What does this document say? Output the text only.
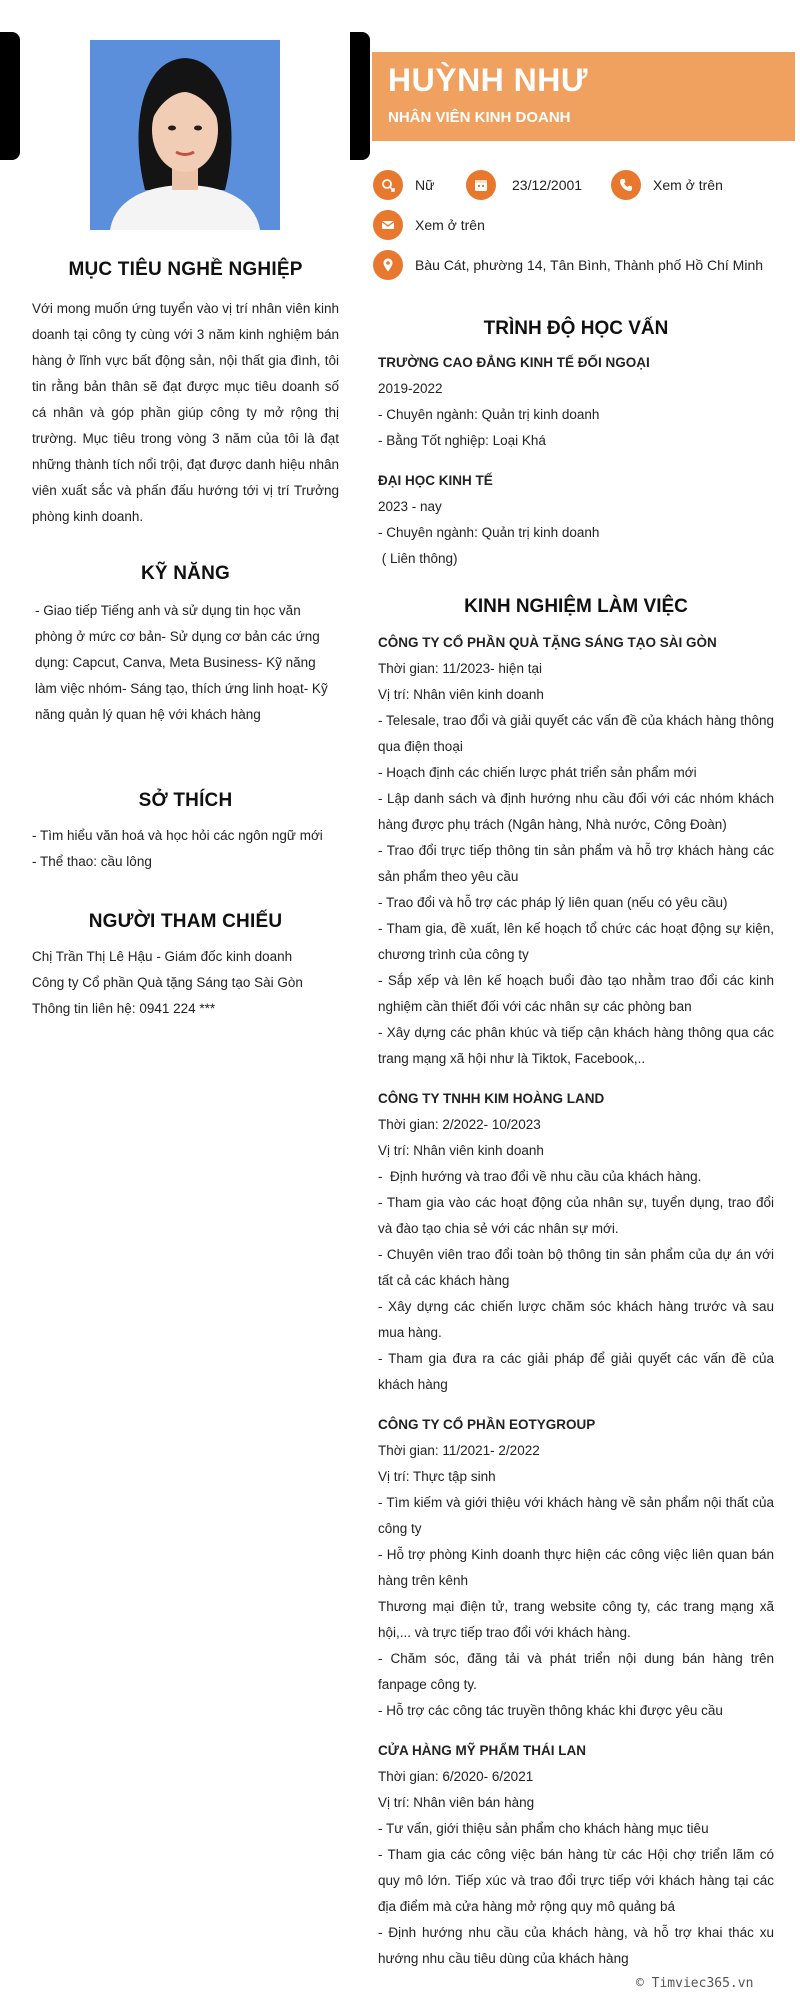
HUỲNH NHƯ
NHÂN VIÊN KINH DOANH
Nữ	23/12/2001	Xem ở trên
Xem ở trên
Bàu Cát, phường 14, Tân Bình, Thành phố Hồ Chí Minh
MỤC TIÊU NGHỀ NGHIỆP

Với mong muốn ứng tuyển vào vị trí nhân viên kinh doanh tại công ty cùng với 3 năm kinh nghiệm bán hàng ở lĩnh vực bất động sản, nội thất gia đình, tôi tin rằng bản thân sẽ đạt được mục tiêu doanh số cá nhân và góp phần giúp công ty mở rộng thị trường. Mục tiêu trong vòng 3 năm của tôi là đạt những thành tích nổi trội, đạt được danh hiệu nhân viên xuất sắc và phấn đấu hướng tới vị trí Trưởng phòng kinh doanh.

KỸ NĂNG

- Giao tiếp Tiếng anh và sử dụng tin học văn phòng ở mức cơ bản- Sử dụng cơ bản các ứng dụng: Capcut, Canva, Meta Business- Kỹ năng làm việc nhóm- Sáng tạo, thích ứng linh hoạt- Kỹ năng quản lý quan hệ với khách hàng

SỞ THÍCH

- Tìm hiểu văn hoá và học hỏi các ngôn ngữ mới

- Thể thao: cầu lông

NGƯỜI THAM CHIẾU

Chị Trần Thị Lê Hậu - Giám đốc kinh doanh

Công ty Cổ phần Quà tặng Sáng tạo Sài Gòn

Thông tin liên hệ: 0941 224 ***

TRÌNH ĐỘ HỌC VẤN

TRƯỜNG CAO ĐẲNG KINH TẾ ĐỐI NGOẠI

2019-2022

- Chuyên ngành: Quản trị kinh doanh

- Bằng Tốt nghiệp: Loại Khá

ĐẠI HỌC KINH TẾ

2023 - nay

- Chuyên ngành: Quản trị kinh doanh

( Liên thông)

KINH NGHIỆM LÀM VIỆC

CÔNG TY CỔ PHẦN QUÀ TẶNG SÁNG TẠO SÀI GÒN

Thời gian: 11/2023- hiện tại

Vị trí: Nhân viên kinh doanh

- Telesale, trao đổi và giải quyết các vấn đề của khách hàng thông qua điện thoại

- Hoạch định các chiến lược phát triển sản phẩm mới

- Lập danh sách và định hướng nhu cầu đối với các nhóm khách hàng được phụ trách (Ngân hàng, Nhà nước, Công Đoàn)

- Trao đổi trực tiếp thông tin sản phẩm và hỗ trợ khách hàng các sản phẩm theo yêu cầu

- Trao đổi và hỗ trợ các pháp lý liên quan (nếu có yêu cầu)

- Tham gia, đề xuất, lên kế hoạch tổ chức các hoạt động sự kiện, chương trình của công ty

- Sắp xếp và lên kế hoạch buổi đào tạo nhằm trao đổi các kinh nghiệm cần thiết đối với các nhân sự các phòng ban

- Xây dựng các phân khúc và tiếp cận khách hàng thông qua các trang mạng xã hội như là Tiktok, Facebook,..

CÔNG TY TNHH KIM HOÀNG LAND

Thời gian: 2/2022- 10/2023

Vị trí: Nhân viên kinh doanh

-  Định hướng và trao đổi về nhu cầu của khách hàng.

- Tham gia vào các hoạt động của nhân sự, tuyển dụng, trao đổi và đào tạo chia sẻ với các nhân sự mới.

- Chuyên viên trao đổi toàn bộ thông tin sản phẩm của dự án với tất cả các khách hàng

- Xây dựng các chiến lược chăm sóc khách hàng trước và sau mua hàng.

- Tham gia đưa ra các giải pháp để giải quyết các vấn đề của khách hàng

CÔNG TY CỔ PHẦN EOTYGROUP

Thời gian: 11/2021- 2/2022

Vị trí: Thực tập sinh

- Tìm kiếm và giới thiệu với khách hàng về sản phẩm nội thất của công ty

- Hỗ trợ phòng Kinh doanh thực hiện các công việc liên quan bán hàng trên kênh

Thương mại điện tử, trang website công ty, các trang mạng xã hội,... và trực tiếp trao đổi với khách hàng.

- Chăm sóc, đăng tải và phát triển nội dung bán hàng trên fanpage công ty.

- Hỗ trợ các công tác truyền thông khác khi được yêu cầu

CỬA HÀNG MỸ PHẨM THÁI LAN

Thời gian: 6/2020- 6/2021

Vị trí: Nhân viên bán hàng

- Tư vấn, giới thiệu sản phẩm cho khách hàng mục tiêu

- Tham gia các công việc bán hàng từ các Hội chợ triển lãm có quy mô lớn. Tiếp xúc và trao đổi trực tiếp với khách hàng tại các địa điểm mà cửa hàng mở rộng quy mô quảng bá

- Định hướng nhu cầu của khách hàng, và hỗ trợ khai thác xu hướng nhu cầu tiêu dùng của khách hàng

© Timviec365.vn
